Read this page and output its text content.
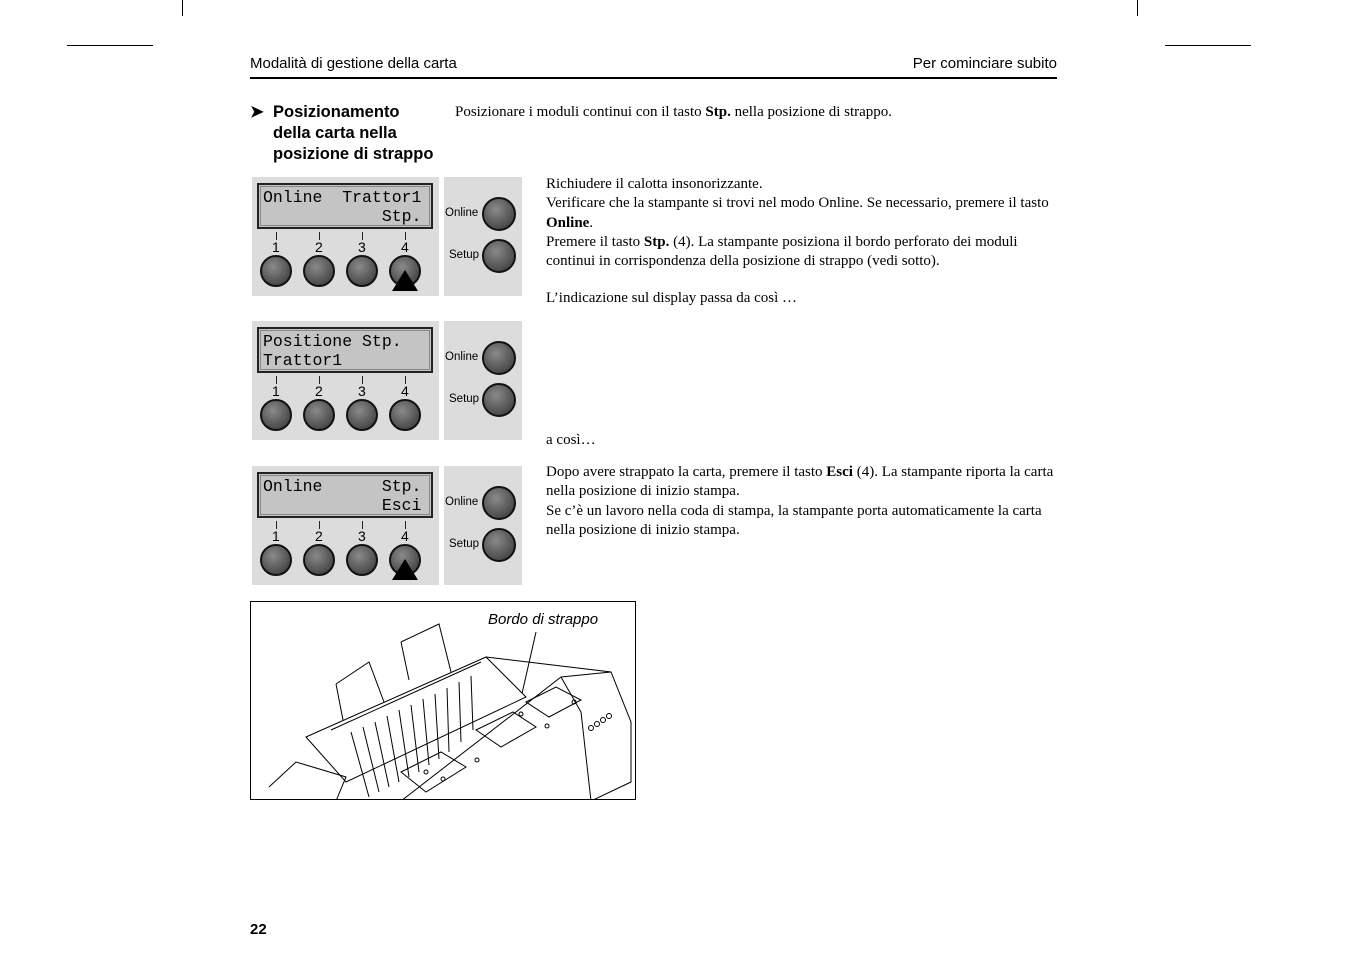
Modalità di gestione della carta	Per cominciare subito
➤ Posizionamento
della carta nella
posizione di strappo
Posizionare i moduli continui con il tasto Stp. nella posizione di strappo.
Online  Trattor1
Stp.
1	2	3	4
Online
Setup
Positione Stp.
Trattor1
1	2	3	4
Online
Setup
Online      Stp.
Esci
1	2	3	4
Online
Setup
Richiudere il calotta insonorizzante.
Verificare che la stampante si trovi nel modo Online. Se necessario, premere il tasto Online.
Premere il tasto Stp. (4). La stampante posiziona il bordo perforato dei moduli continui in corrispondenza della posizione di strappo (vedi sotto).
L’indicazione sul display passa da così …
a così…
Dopo avere strappato la carta, premere il tasto Esci (4). La stampante riporta la carta nella posizione di inizio stampa.
Se c’è un lavoro nella coda di stampa, la stampante porta automaticamente la carta nella posizione di inizio stampa.
Bordo di strappo
22
